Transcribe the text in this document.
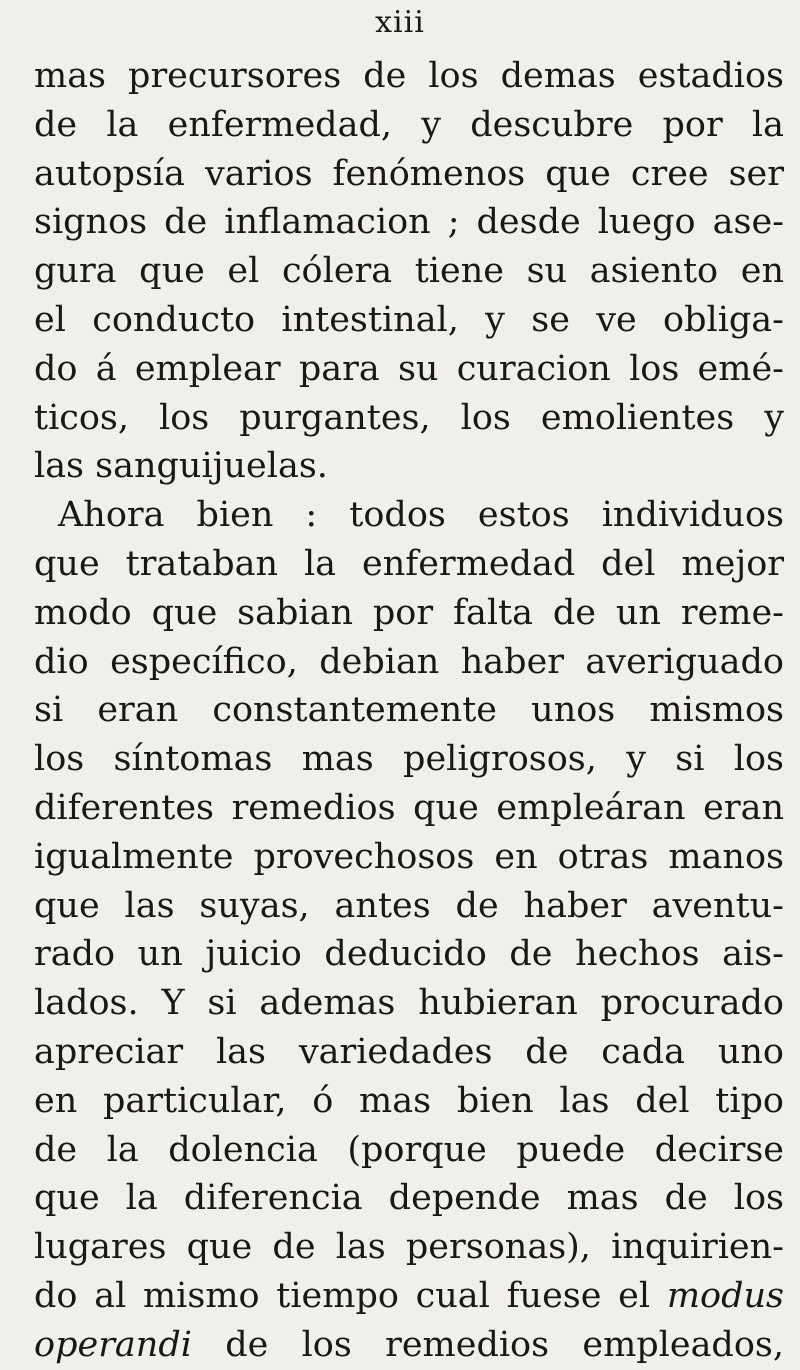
xiii
mas precursores de los demas estadios
de la enfermedad, y descubre por la
autopsía varios fenómenos que cree ser
signos de inflamacion ; desde luego ase-
gura que el cólera tiene su asiento en
el conducto intestinal, y se ve obliga-
do á emplear para su curacion los emé-
ticos, los purgantes, los emolientes y
las sanguijuelas.
Ahora bien : todos estos individuos
que trataban la enfermedad del mejor
modo que sabian por falta de un reme-
dio específico, debian haber averiguado
si eran constantemente unos mismos
los síntomas mas peligrosos, y si los
diferentes remedios que empleáran eran
igualmente provechosos en otras manos
que las suyas, antes de haber aventu-
rado un juicio deducido de hechos ais-
lados. Y si ademas hubieran procurado
apreciar las variedades de cada uno
en particular, ó mas bien las del tipo
de la dolencia (porque puede decirse
que la diferencia depende mas de los
lugares que de las personas), inquirien-
do al mismo tiempo cual fuese el modus
operandi de los remedios empleados,
